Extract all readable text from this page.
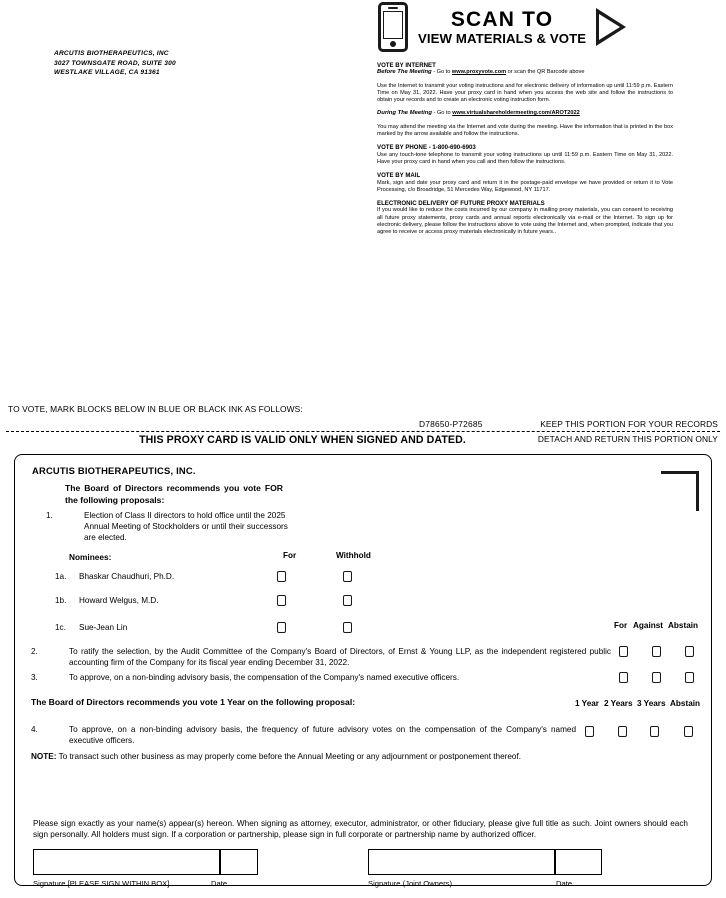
ARCUTIS BIOTHERAPEUTICS, INC
3027 TOWNSGATE ROAD, SUITE 300
WESTLAKE VILLAGE, CA 91361
SCAN TO
VIEW MATERIALS & VOTE
VOTE BY INTERNET
Before The Meeting - Go to www.proxyvote.com or scan the QR Barcode above
Use the Internet to transmit your voting instructions and for electronic delivery of information up until 11:59 p.m. Eastern Time on May 31, 2022. Have your proxy card in hand when you access the web site and follow the instructions to obtain your records and to create an electronic voting instruction form.
During The Meeting - Go to www.virtualshareholdermeeting.com/AROT2022
You may attend the meeting via the Internet and vote during the meeting. Have the information that is printed in the box marked by the arrow available and follow the instructions.
VOTE BY PHONE - 1-800-690-6903
Use any touch-tone telephone to transmit your voting instructions up until 11:59 p.m. Eastern Time on May 31, 2022. Have your proxy card in hand when you call and then follow the instructions.
VOTE BY MAIL
Mark, sign and date your proxy card and return it in the postage-paid envelope we have provided or return it to Vote Processing, c/o Broadridge, 51 Mercedes Way, Edgewood, NY 11717.
ELECTRONIC DELIVERY OF FUTURE PROXY MATERIALS
If you would like to reduce the costs incurred by our company in mailing proxy materials, you can consent to receiving all future proxy statements, proxy cards and annual reports electronically via e-mail or the Internet. To sign up for electronic delivery, please follow the instructions above to vote using the Internet and, when prompted, indicate that you agree to receive or access proxy materials electronically in future years..
TO VOTE, MARK BLOCKS BELOW IN BLUE OR BLACK INK AS FOLLOWS:
D78650-P72685	KEEP THIS PORTION FOR YOUR RECORDS
THIS PROXY CARD IS VALID ONLY WHEN SIGNED AND DATED.	DETACH AND RETURN THIS PORTION ONLY
ARCUTIS BIOTHERAPEUTICS, INC.
The Board of Directors recommends you vote FOR the following proposals:
1.	Election of Class II directors to hold office until the 2025 Annual Meeting of Stockholders or until their successors are elected.
Nominees:	For	Withhold
1a.	Bhaskar Chaudhuri, Ph.D.
1b.	Howard Welgus, M.D.
1c.	Sue-Jean Lin	For Against Abstain
2.	To ratify the selection, by the Audit Committee of the Company's Board of Directors, of Ernst & Young LLP, as the independent registered public accounting firm of the Company for its fiscal year ending December 31, 2022.
3.	To approve, on a non-binding advisory basis, the compensation of the Company's named executive officers.
The Board of Directors recommends you vote 1 Year on the following proposal:	1 Year 2 Years 3 Years Abstain
4.	To approve, on a non-binding advisory basis, the frequency of future advisory votes on the compensation of the Company's named executive officers.
NOTE: To transact such other business as may properly come before the Annual Meeting or any adjournment or postponement thereof.
Please sign exactly as your name(s) appear(s) hereon. When signing as attorney, executor, administrator, or other fiduciary, please give full title as such. Joint owners should each sign personally. All holders must sign. If a corporation or partnership, please sign in full corporate or partnership name by authorized officer.
Signature [PLEASE SIGN WITHIN BOX]	Date	Signature (Joint Owners)	Date
